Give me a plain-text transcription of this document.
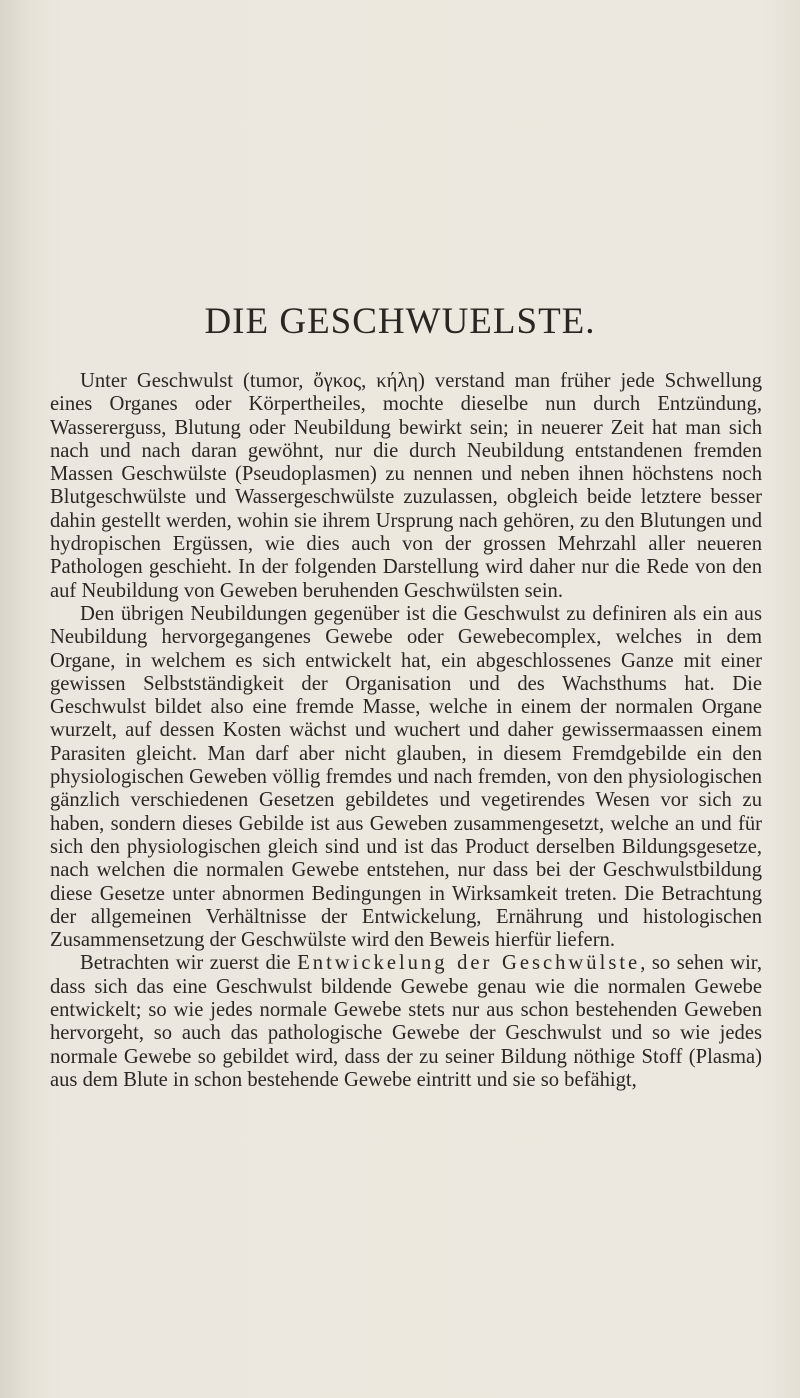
DIE GESCHWUELSTE.

Unter Geschwulst (tumor, ὄγκος, κήλη) verstand man früher jede Schwellung eines Organes oder Körpertheiles, mochte dieselbe nun durch Entzündung, Wassererguss, Blutung oder Neubildung bewirkt sein; in neuerer Zeit hat man sich nach und nach daran gewöhnt, nur die durch Neubildung entstandenen fremden Massen Geschwülste (Pseudoplasmen) zu nennen und neben ihnen höchstens noch Blutgeschwülste und Wassergeschwülste zuzulassen, obgleich beide letztere besser dahin gestellt werden, wohin sie ihrem Ursprung nach gehören, zu den Blutungen und hydropischen Ergüssen, wie dies auch von der grossen Mehrzahl aller neueren Pathologen geschieht. In der folgenden Darstellung wird daher nur die Rede von den auf Neubildung von Geweben beruhenden Geschwülsten sein.

Den übrigen Neubildungen gegenüber ist die Geschwulst zu definiren als ein aus Neubildung hervorgegangenes Gewebe oder Gewebecomplex, welches in dem Organe, in welchem es sich entwickelt hat, ein abgeschlossenes Ganze mit einer gewissen Selbstständigkeit der Organisation und des Wachsthums hat. Die Geschwulst bildet also eine fremde Masse, welche in einem der normalen Organe wurzelt, auf dessen Kosten wächst und wuchert und daher gewissermaassen einem Parasiten gleicht. Man darf aber nicht glauben, in diesem Fremdgebilde ein den physiologischen Geweben völlig fremdes und nach fremden, von den physiologischen gänzlich verschiedenen Gesetzen gebildetes und vegetirendes Wesen vor sich zu haben, sondern dieses Gebilde ist aus Geweben zusammengesetzt, welche an und für sich den physiologischen gleich sind und ist das Product derselben Bildungsgesetze, nach welchen die normalen Gewebe entstehen, nur dass bei der Geschwulstbildung diese Gesetze unter abnormen Bedingungen in Wirksamkeit treten. Die Betrachtung der allgemeinen Verhältnisse der Entwickelung, Ernährung und histologischen Zusammensetzung der Geschwülste wird den Beweis hierfür liefern.

Betrachten wir zuerst die Entwickelung der Geschwülste, so sehen wir, dass sich das eine Geschwulst bildende Gewebe genau wie die normalen Gewebe entwickelt; so wie jedes normale Gewebe stets nur aus schon bestehenden Geweben hervorgeht, so auch das pathologische Gewebe der Geschwulst und so wie jedes normale Gewebe so gebildet wird, dass der zu seiner Bildung nöthige Stoff (Plasma) aus dem Blute in schon bestehende Gewebe eintritt und sie so befähigt,
